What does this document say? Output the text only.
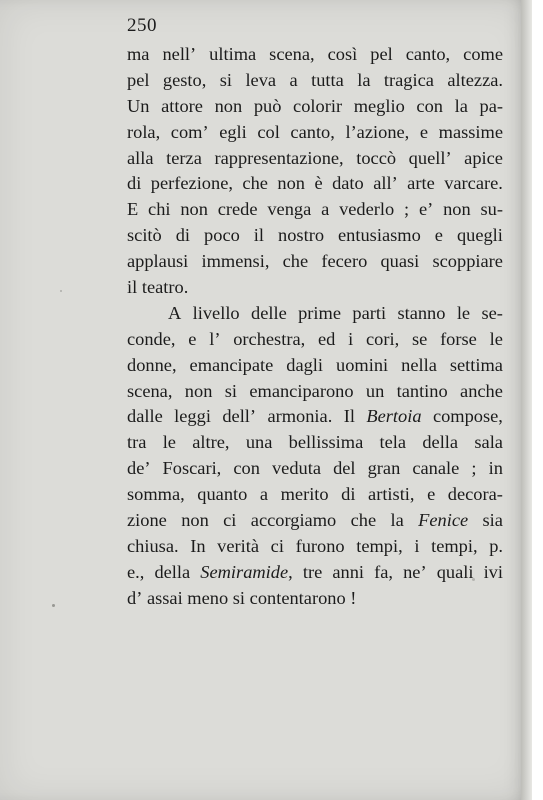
250
ma nell’ ultima scena, così pel canto, come
pel gesto, si leva a tutta la tragica altezza.
Un attore non può colorir meglio con la pa-
rola, com’ egli col canto, l’azione, e massime
alla terza rappresentazione, toccò quell’ apice
di perfezione, che non è dato all’ arte varcare.
E chi non crede venga a vederlo ; e’ non su-
scitò di poco il nostro entusiasmo e quegli
applausi immensi, che fecero quasi scoppiare
il teatro.
A livello delle prime parti stanno le se-
conde, e l’ orchestra, ed i cori, se forse le
donne, emancipate dagli uomini nella settima
scena, non si emanciparono un tantino anche
dalle leggi dell’ armonia. Il Bertoia compose,
tra le altre, una bellissima tela della sala
de’ Foscari, con veduta del gran canale ; in
somma, quanto a merito di artisti, e decora-
zione non ci accorgiamo che la Fenice sia
chiusa. In verità ci furono tempi, i tempi, p.
e., della Semiramide, tre anni fa, ne’ quali ivi
d’ assai meno si contentarono !
